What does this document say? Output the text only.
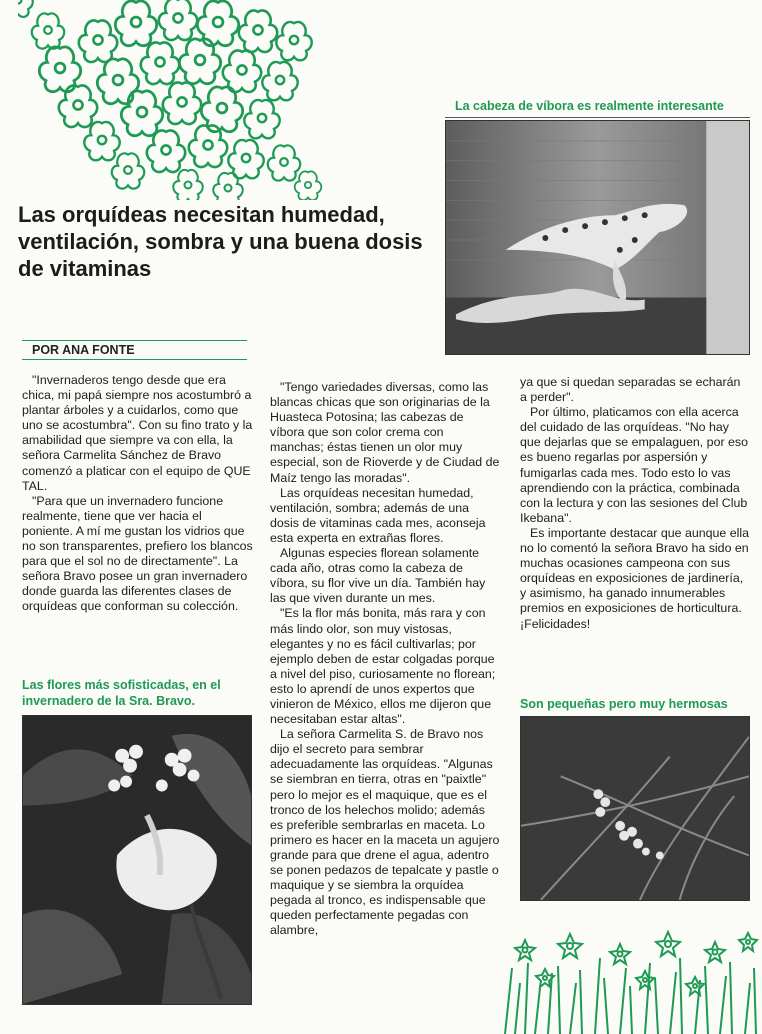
Las orquídeas necesitan humedad, ventilación, sombra y una buena dosis de vitaminas
La cabeza de víbora es realmente interesante
POR ANA FONTE

"Invernaderos tengo desde que era chica, mi papá siempre nos acostumbró a plantar árboles y a cuidarlos, como que uno se acostumbra". Con su fino trato y la amabilidad que siempre va con ella, la señora Carmelita Sánchez de Bravo comenzó a platicar con el equipo de QUE TAL.

"Para que un invernadero funcione realmente, tiene que ver hacia el poniente. A mí me gustan los vidrios que no son transparentes, prefiero los blancos para que el sol no de directamente". La señora Bravo posee un gran invernadero donde guarda las diferentes clases de orquídeas que conforman su colección.

Las flores más sofisticadas, en el invernadero de la Sra. Bravo.

"Tengo variedades diversas, como las blancas chicas que son originarias de la Huasteca Potosina; las cabezas de víbora que son color crema con manchas; éstas tienen un olor muy especial, son de Rioverde y de Ciudad de Maíz tengo las moradas".

Las orquídeas necesitan humedad, ventilación, sombra; además de una dosis de vitaminas cada mes, aconseja esta experta en extrañas flores.

Algunas especies florean solamente cada año, otras como la cabeza de víbora, su flor vive un día. También hay las que viven durante un mes.

"Es la flor más bonita, más rara y con más lindo olor, son muy vistosas, elegantes y no es fácil cultivarlas; por ejemplo deben de estar colgadas porque a nivel del piso, curiosamente no florean; esto lo aprendí de unos expertos que vinieron de México, ellos me dijeron que necesitaban estar altas".

La señora Carmelita S. de Bravo nos dijo el secreto para sembrar adecuadamente las orquídeas. "Algunas se siembran en tierra, otras en "paixtle" pero lo mejor es el maquique, que es el tronco de los helechos molido; además es preferible sembrarlas en maceta. Lo primero es hacer en la maceta un agujero grande para que drene el agua, adentro se ponen pedazos de tepalcate y pastle o maquique y se siembra la orquídea pegada al tronco, es indispensable que queden perfectamente pegadas con alambre,

ya que si quedan separadas se echarán a perder".

Por último, platicamos con ella acerca del cuidado de las orquídeas. "No hay que dejarlas que se empalaguen, por eso es bueno regarlas por aspersión y fumigarlas cada mes. Todo esto lo vas aprendiendo con la práctica, combinada con la lectura y con las sesiones del Club Ikebana".

Es importante destacar que aunque ella no lo comentó la señora Bravo ha sido en muchas ocasiones campeona con sus orquídeas en exposiciones de jardinería, y asimismo, ha ganado innumerables premios en exposiciones de horticultura. ¡Felicidades!

Son pequeñas pero muy hermosas
